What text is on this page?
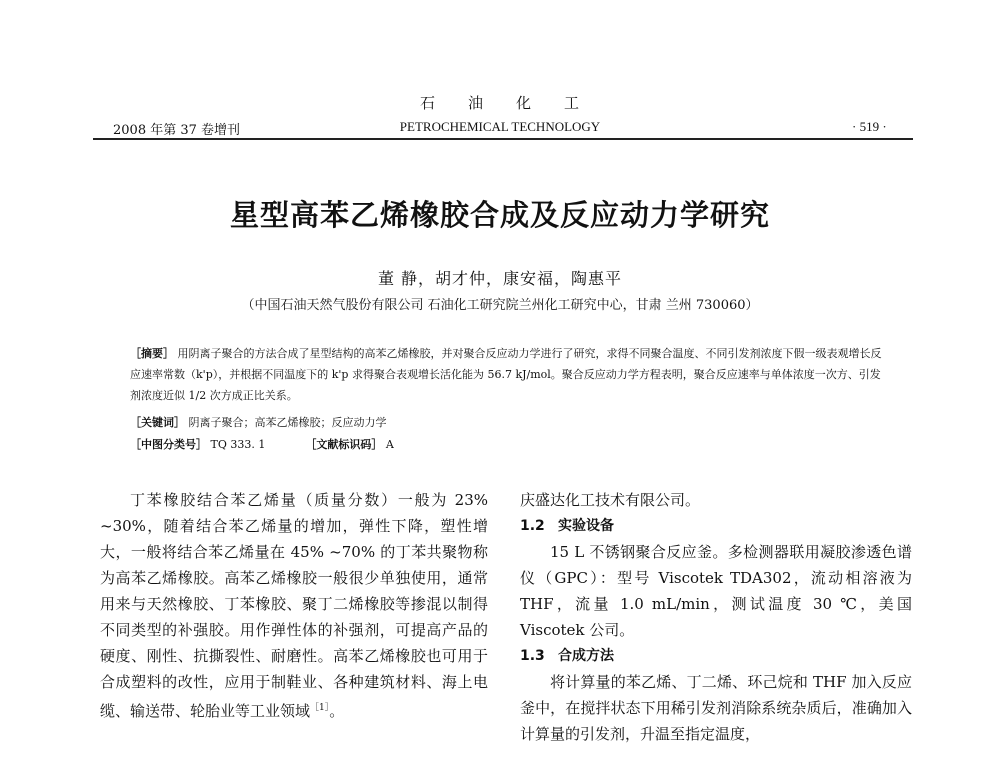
石 油 化 工
2008 年第 37 卷增刊	PETROCHEMICAL TECHNOLOGY	· 519 ·
星型高苯乙烯橡胶合成及反应动力学研究
董 静，胡才仲，康安福，陶惠平
（中国石油天然气股份有限公司 石油化工研究院兰州化工研究中心，甘肃 兰州 730060）

［摘要］ 用阴离子聚合的方法合成了星型结构的高苯乙烯橡胶，并对聚合反应动力学进行了研究，求得不同聚合温度、不同引发剂浓度下假一级表观增长反应速率常数（k'p），并根据不同温度下的 k'p 求得聚合表观增长活化能为 56.7 kJ/mol。聚合反应动力学方程表明，聚合反应速率与单体浓度一次方、引发剂浓度近似 1/2 次方成正比关系。

［关键词］ 阴离子聚合；高苯乙烯橡胶；反应动力学
［中图分类号］ TQ 333. 1	［文献标识码］ A

丁苯橡胶结合苯乙烯量（质量分数）一般为 23% ~30%，随着结合苯乙烯量的增加，弹性下降，塑性增大，一般将结合苯乙烯量在 45% ~70% 的丁苯共聚物称为高苯乙烯橡胶。高苯乙烯橡胶一般很少单独使用，通常用来与天然橡胶、丁苯橡胶、聚丁二烯橡胶等掺混以制得不同类型的补强胶。用作弹性体的补强剂，可提高产品的硬度、刚性、抗撕裂性、耐磨性。高苯乙烯橡胶也可用于合成塑料的改性，应用于制鞋业、各种建筑材料、海上电缆、输送带、轮胎业等工业领域$^{[1]}$。

庆盛达化工技术有限公司。

1.2 实验设备

15 L 不锈钢聚合反应釜。多检测器联用凝胶渗透色谱仪（GPC）：型号 Viscotek TDA302，流动相溶液为 THF，流量 1.0 mL/min，测试温度 30 ℃，美国 Viscotek 公司。

1.3 合成方法

将计算量的苯乙烯、丁二烯、环己烷和 THF 加入反应釜中，在搅拌状态下用稀引发剂消除系统杂质后，准确加入计算量的引发剂，升温至指定温度，
